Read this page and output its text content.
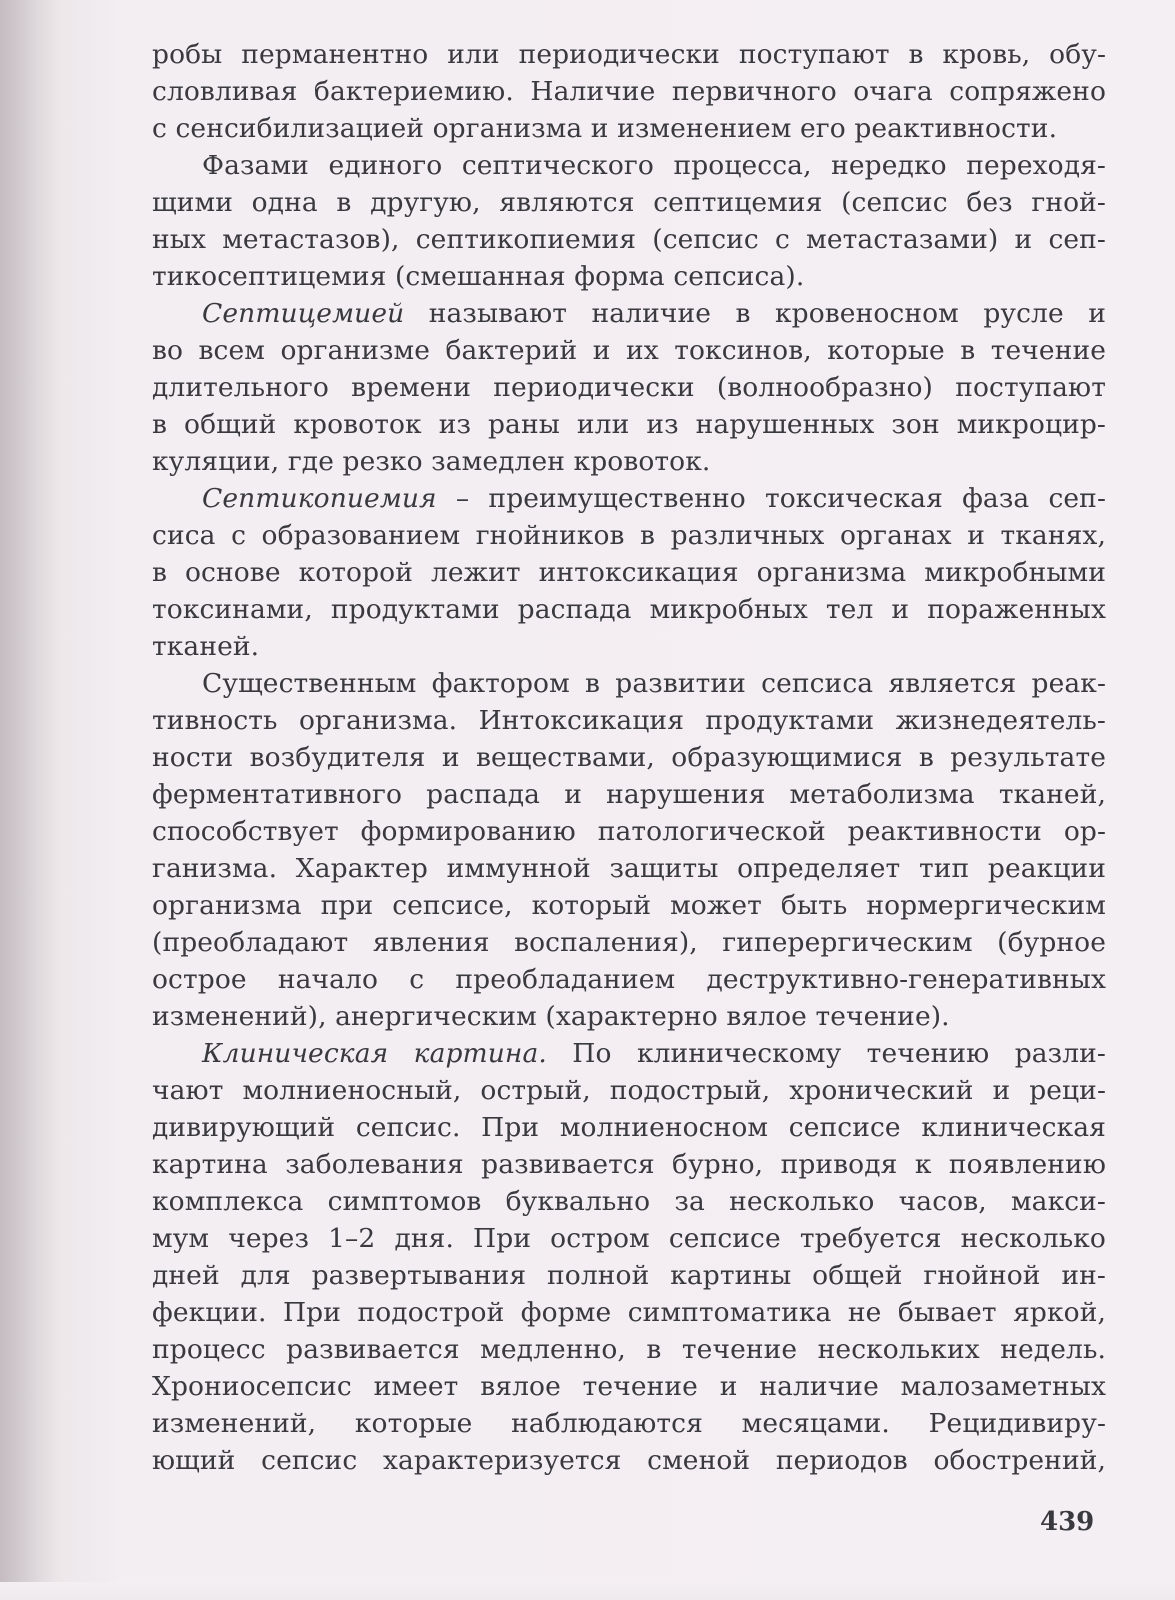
робы перманентно или периодически поступают в кровь, обу-
словливая бактериемию. Наличие первичного очага сопряжено
с сенсибилизацией организма и изменением его реактивности.
Фазами единого септического процесса, нередко переходя-
щими одна в другую, являются септицемия (сепсис без гной-
ных метастазов), септикопиемия (сепсис с метастазами) и сеп-
тикосептицемия (смешанная форма сепсиса).
Септицемией называют наличие в кровеносном русле и
во всем организме бактерий и их токсинов, которые в течение
длительного времени периодически (волнообразно) поступают
в общий кровоток из раны или из нарушенных зон микроцир-
куляции, где резко замедлен кровоток.
Септикопиемия – преимущественно токсическая фаза сеп-
сиса с образованием гнойников в различных органах и тканях,
в основе которой лежит интоксикация организма микробными
токсинами, продуктами распада микробных тел и пораженных
тканей.
Существенным фактором в развитии сепсиса является реак-
тивность организма. Интоксикация продуктами жизнедеятель-
ности возбудителя и веществами, образующимися в результате
ферментативного распада и нарушения метаболизма тканей,
способствует формированию патологической реактивности ор-
ганизма. Характер иммунной защиты определяет тип реакции
организма при сепсисе, который может быть нормергическим
(преобладают явления воспаления), гиперергическим (бурное
острое начало с преобладанием деструктивно-генеративных
изменений), анергическим (характерно вялое течение).
Клиническая картина. По клиническому течению разли-
чают молниеносный, острый, подострый, хронический и реци-
дивирующий сепсис. При молниеносном сепсисе клиническая
картина заболевания развивается бурно, приводя к появлению
комплекса симптомов буквально за несколько часов, макси-
мум через 1–2 дня. При остром сепсисе требуется несколько
дней для развертывания полной картины общей гнойной ин-
фекции. При подострой форме симптоматика не бывает яркой,
процесс развивается медленно, в течение нескольких недель.
Хрониосепсис имеет вялое течение и наличие малозаметных
изменений, которые наблюдаются месяцами. Рецидивиру-
ющий сепсис характеризуется сменой периодов обострений,
439
